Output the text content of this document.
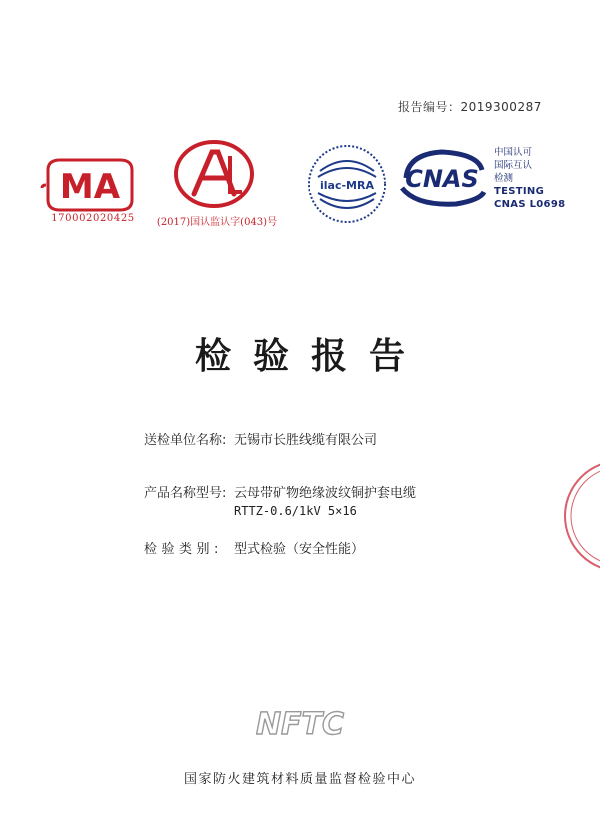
报告编号：2019300287
MA
170002020425	(2017)国认监认字(043)号
ilac-MRA CNAS
中国认可
国际互认
检测
TESTING
CNAS L0698
检验报告
送检单位名称: 无锡市长胜线缆有限公司
产品名称型号: 云母带矿物绝缘波纹铜护套电缆
RTTZ-0.6/1kV 5×16
检验类别: 型式检验（安全性能）
NFTC
国家防火建筑材料质量监督检验中心
